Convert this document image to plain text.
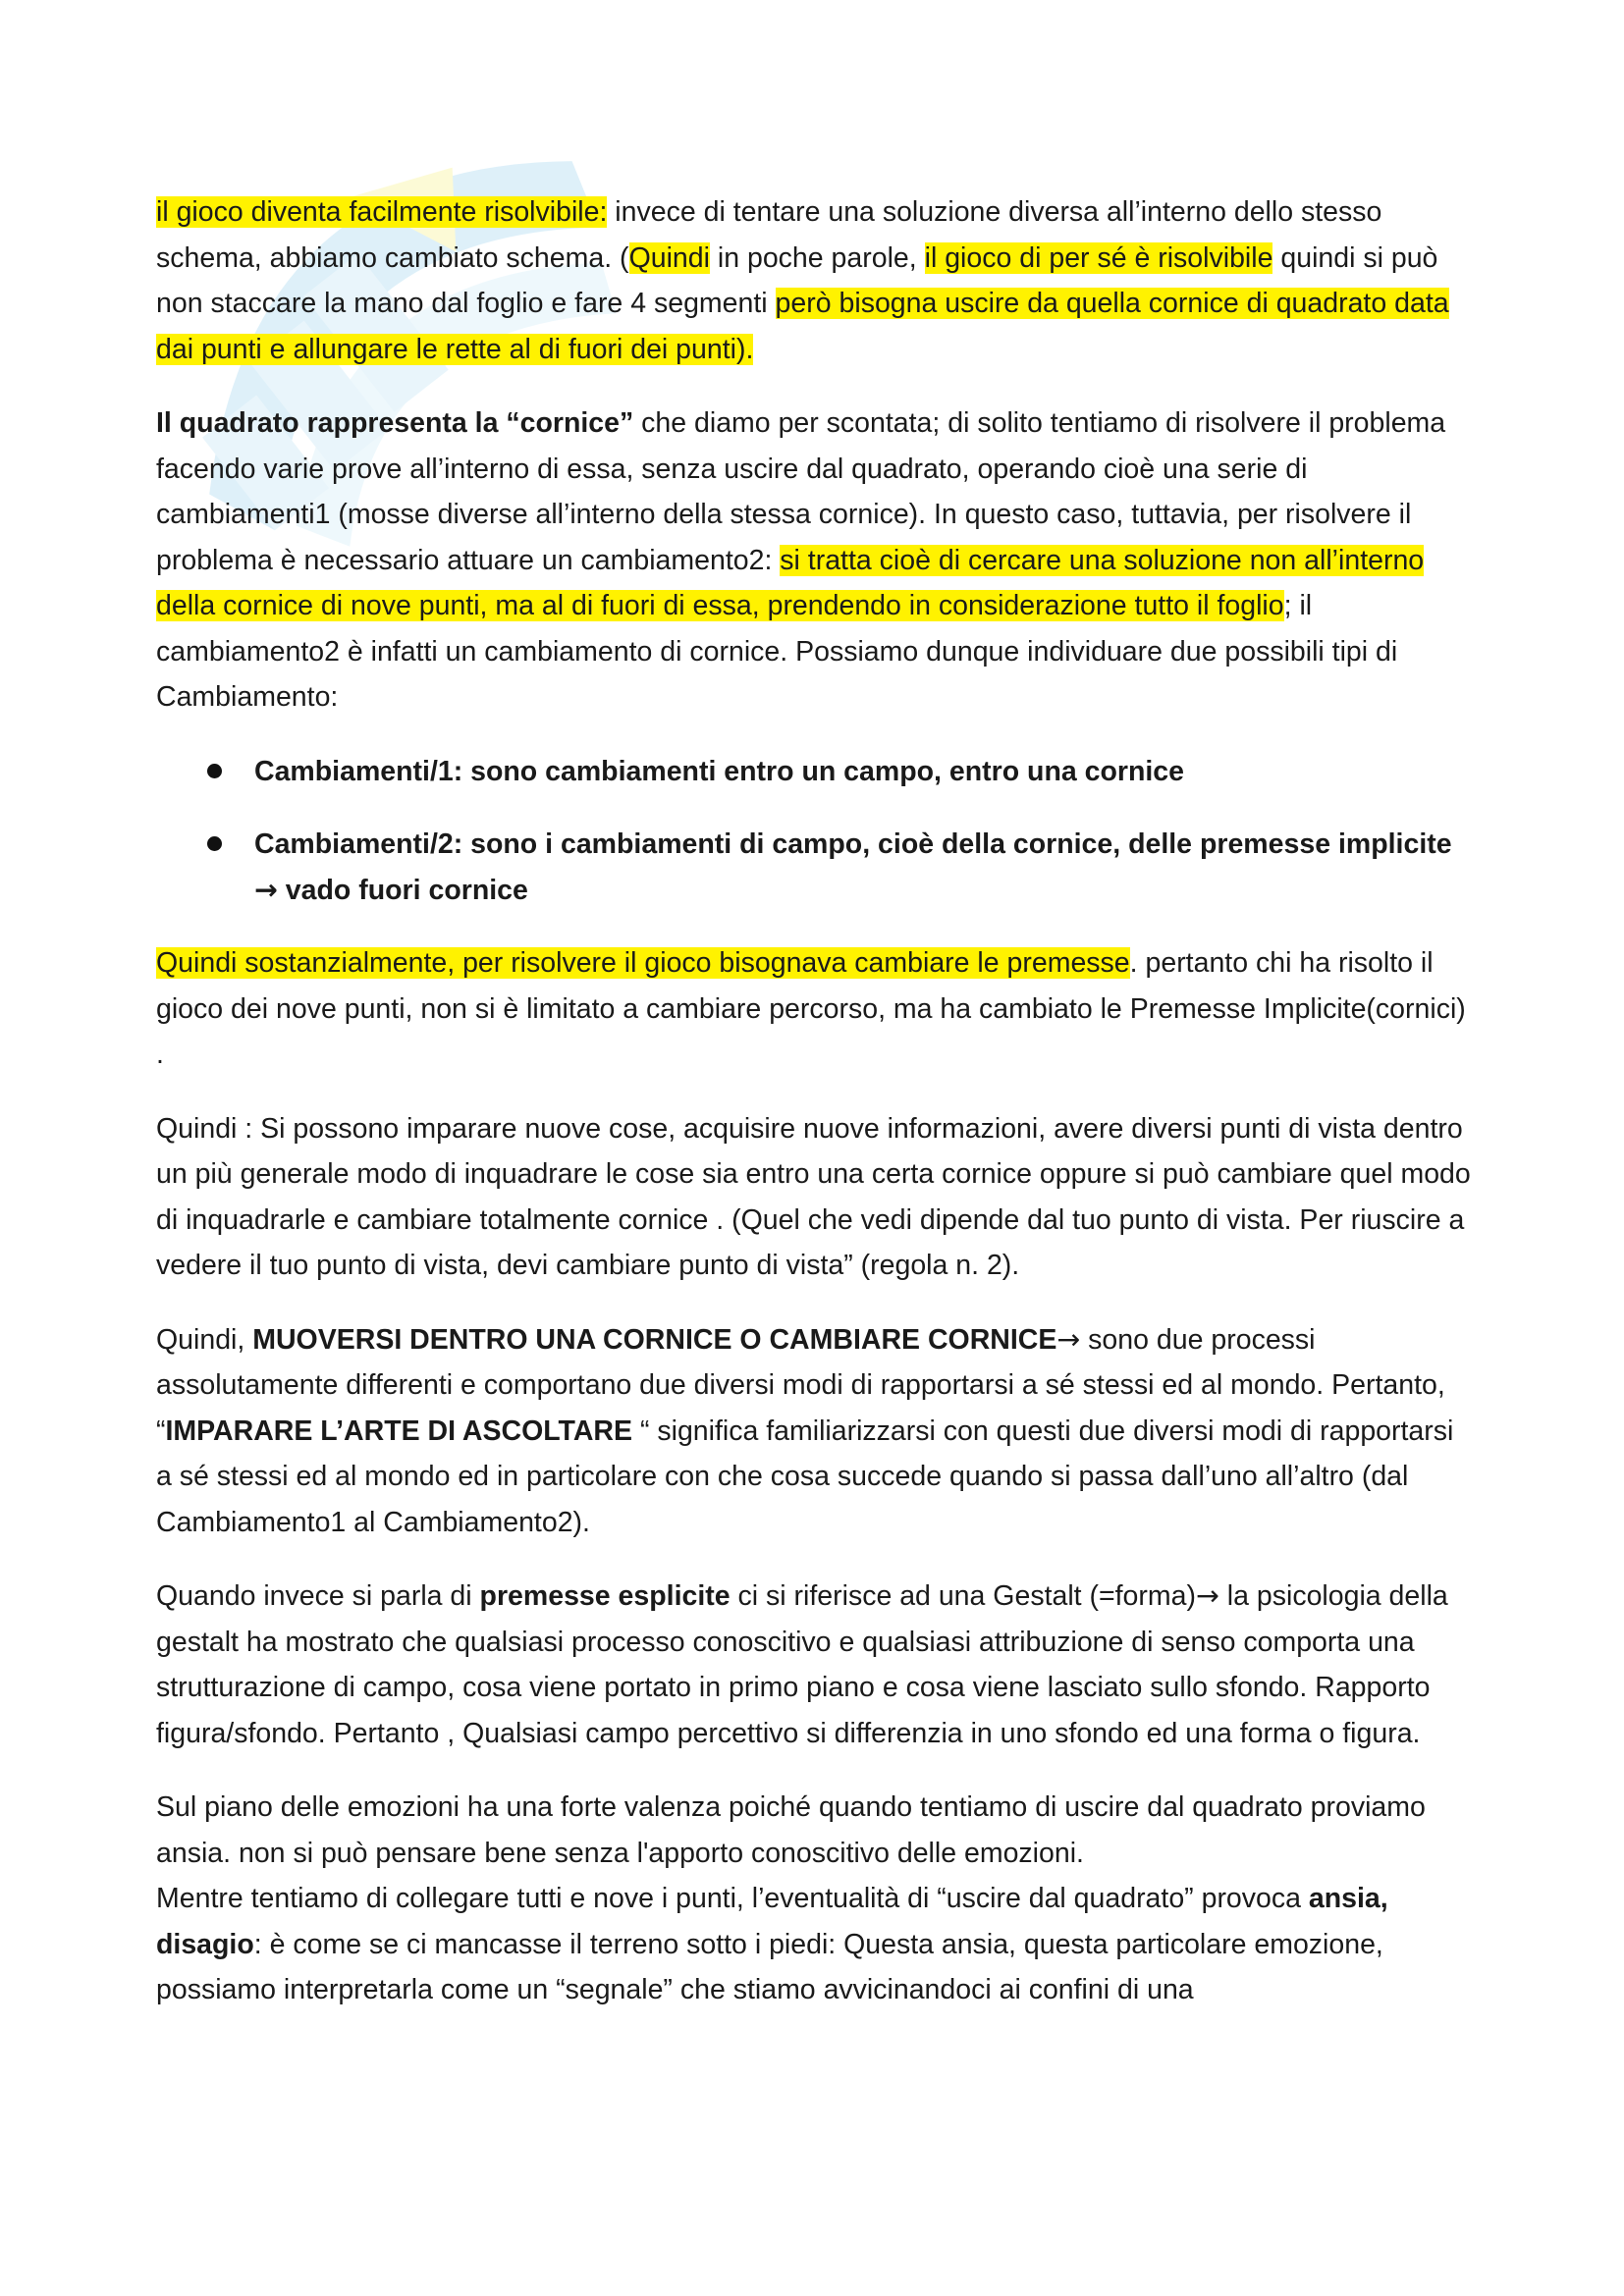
il gioco diventa facilmente risolvibile: invece di tentare una soluzione diversa all’interno dello stesso schema, abbiamo cambiato schema. (Quindi in poche parole, il gioco di per sé è risolvibile quindi si può non staccare la mano dal foglio e fare 4 segmenti però bisogna uscire da quella cornice di quadrato data dai punti e allungare le rette al di fuori dei punti).

Il quadrato rappresenta la “cornice” che diamo per scontata; di solito tentiamo di risolvere il problema facendo varie prove all’interno di essa, senza uscire dal quadrato, operando cioè una serie di cambiamenti1 (mosse diverse all’interno della stessa cornice). In questo caso, tuttavia, per risolvere il problema è necessario attuare un cambiamento2: si tratta cioè di cercare una soluzione non all’interno della cornice di nove punti, ma al di fuori di essa, prendendo in considerazione tutto il foglio; il cambiamento2 è infatti un cambiamento di cornice. Possiamo dunque individuare due possibili tipi di Cambiamento:

Cambiamenti/1: sono cambiamenti entro un campo, entro una cornice
Cambiamenti/2: sono i cambiamenti di campo, cioè della cornice, delle premesse implicite → vado fuori cornice

Quindi sostanzialmente, per risolvere il gioco bisognava cambiare le premesse. pertanto chi ha risolto il gioco dei nove punti, non si è limitato a cambiare percorso, ma ha cambiato le Premesse Implicite(cornici) .

Quindi : Si possono imparare nuove cose, acquisire nuove informazioni, avere diversi punti di vista dentro un più generale modo di inquadrare le cose sia entro una certa cornice oppure si può cambiare quel modo di inquadrarle e cambiare totalmente cornice . (Quel che vedi dipende dal tuo punto di vista. Per riuscire a vedere il tuo punto di vista, devi cambiare punto di vista” (regola n. 2).

Quindi, MUOVERSI DENTRO UNA CORNICE O CAMBIARE CORNICE→ sono due processi assolutamente differenti e comportano due diversi modi di rapportarsi a sé stessi ed al mondo. Pertanto, “IMPARARE L’ARTE DI ASCOLTARE “ significa familiarizzarsi con questi due diversi modi di rapportarsi a sé stessi ed al mondo ed in particolare con che cosa succede quando si passa dall’uno all’altro (dal Cambiamento1 al Cambiamento2).

Quando invece si parla di premesse esplicite ci si riferisce ad una Gestalt (=forma)→ la psicologia della gestalt ha mostrato che qualsiasi processo conoscitivo e qualsiasi attribuzione di senso comporta una strutturazione di campo, cosa viene portato in primo piano e cosa viene lasciato sullo sfondo. Rapporto figura/sfondo. Pertanto , Qualsiasi campo percettivo si differenzia in uno sfondo ed una forma o figura.

Sul piano delle emozioni ha una forte valenza poiché quando tentiamo di uscire dal quadrato proviamo ansia. non si può pensare bene senza l'apporto conoscitivo delle emozioni.

Mentre tentiamo di collegare tutti e nove i punti, l’eventualità di “uscire dal quadrato” provoca ansia, disagio: è come se ci mancasse il terreno sotto i piedi: Questa ansia, questa particolare emozione, possiamo interpretarla come un “segnale” che stiamo avvicinandoci ai confini di una
